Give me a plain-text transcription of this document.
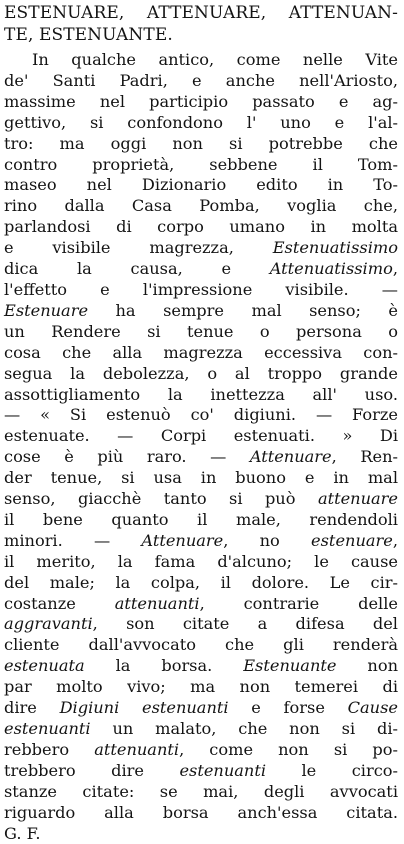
ESTENUARE, ATTENUARE, ATTENUAN-
TE, ESTENUANTE.
In qualche antico, come nelle Vite
de' Santi Padri, e anche nell'Ariosto,
massime nel participio passato e ag-
gettivo, si confondono l' uno e l'al-
tro: ma oggi non si potrebbe che
contro proprietà, sebbene il Tom-
maseo nel Dizionario edito in To-
rino dalla Casa Pomba, voglia che,
parlandosi di corpo umano in molta
e visibile magrezza, Estenuatissimo
dica la causa, e Attenuatissimo,
l'effetto e l'impressione visibile. —
Estenuare ha sempre mal senso; è
un Rendere si tenue o persona o
cosa che alla magrezza eccessiva con-
segua la debolezza, o al troppo grande
assottigliamento la inettezza all' uso.
— « Si estenuò co' digiuni. — Forze
estenuate. — Corpi estenuati. » Di
cose è più raro. — Attenuare, Ren-
der tenue, si usa in buono e in mal
senso, giacchè tanto si può attenuare
il bene quanto il male, rendendoli
minori. — Attenuare, no estenuare,
il merito, la fama d'alcuno; le cause
del male; la colpa, il dolore. Le cir-
costanze attenuanti, contrarie delle
aggravanti, son citate a difesa del
cliente dall'avvocato che gli renderà
estenuata la borsa. Estenuante non
par molto vivo; ma non temerei di
dire Digiuni estenuanti e forse Cause
estenuanti un malato, che non si di-
rebbero attenuanti, come non si po-
trebbero dire estenuanti le circo-
stanze citate: se mai, degli avvocati
riguardo alla borsa anch'essa citata.
G. F.
